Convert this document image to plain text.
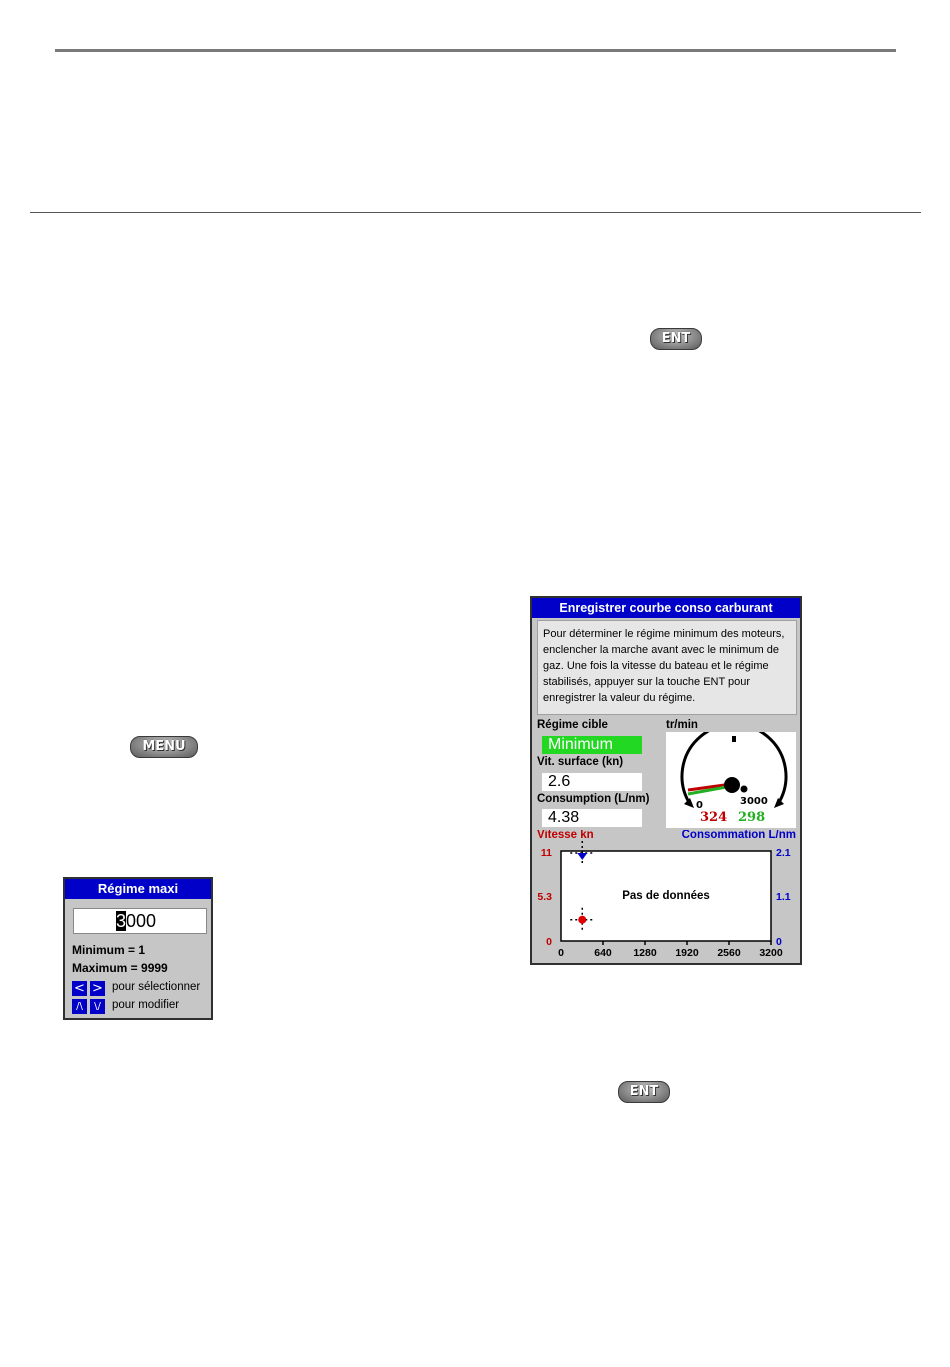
ENT
MENU
ENT
Régime maxi
3000
Minimum = 1
Maximum = 9999
< > pour sélectionner
/\	\/ pour modifier
Enregistrer courbe conso carburant
Pour déterminer le régime minimum des moteurs, enclencher la marche avant avec le minimum de gaz. Une fois la vitesse du bateau et le régime stabilisés, appuyer sur la touche ENT pour enregistrer la valeur du régime.
Régime cible
Minimum
Vit. surface (kn)
2.6
Consumption (L/nm)
4.38
tr/min
0	3000
324 298
Vitesse kn	Consommation L/nm
Pas de données
0	640 1280 1920 2560 3200
11
5.3
0
2.1
1.1
0
